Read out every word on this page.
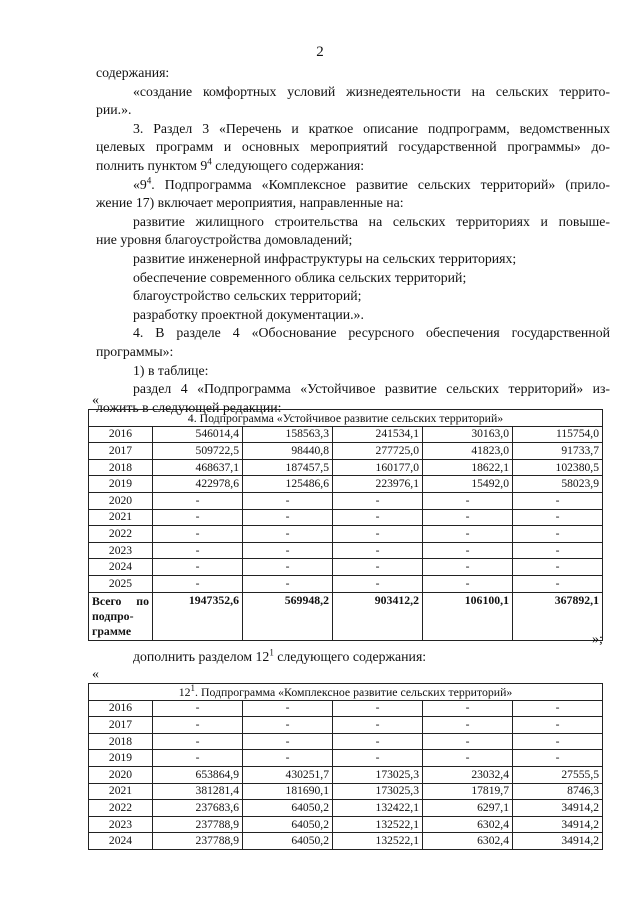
2

содержания:

«создание комфортных условий жизнедеятельности на сельских террито-

рии.».

3. Раздел 3 «Перечень и краткое описание подпрограмм, ведомственных

целевых программ и основных мероприятий государственной программы» до-

полнить пунктом $9^4$ следующего содержания:

«$9^4$. Подпрограмма «Комплексное развитие сельских территорий» (прило-

жение 17) включает мероприятия, направленные на:

развитие жилищного строительства на сельских территориях и повыше-

ние уровня благоустройства домовладений;

развитие инженерной инфраструктуры на сельских территориях;

обеспечение современного облика сельских территорий;

благоустройство сельских территорий;

разработку проектной документации.».

4. В разделе 4 «Обоснование ресурсного обеспечения государственной

программы»:

1) в таблице:

раздел 4 «Подпрограмма «Устойчивое развитие сельских территорий» из-

ложить в следующей редакции:

«
4. Подпрограмма «Устойчивое развитие сельских территорий»					
2016	546014,4	158563,3	241534,1	30163,0	115754,0
2017	509722,5	98440,8	277725,0	41823,0	91733,7
2018	468637,1	187457,5	160177,0	18622,1	102380,5
2019	422978,6	125486,6	223976,1	15492,0	58023,9
2020	-	-	-	-	-
2021	-	-	-	-	-
2022	-	-	-	-	-
2023	-	-	-	-	-
2024	-	-	-	-	-
2025	-	-	-	-	-
Всего по подпро-грамме	1947352,6	569948,2	903412,2	106100,1	367892,1
»;

дополнить разделом $12^1$ следующего содержания:

«
$12^1$. Подпрограмма «Комплексное развитие сельских территорий»					
2016	-	-	-	-	-
2017	-	-	-	-	-
2018	-	-	-	-	-
2019	-	-	-	-	-
2020	653864,9	430251,7	173025,3	23032,4	27555,5
2021	381281,4	181690,1	173025,3	17819,7	8746,3
2022	237683,6	64050,2	132422,1	6297,1	34914,2
2023	237788,9	64050,2	132522,1	6302,4	34914,2
2024	237788,9	64050,2	132522,1	6302,4	34914,2
